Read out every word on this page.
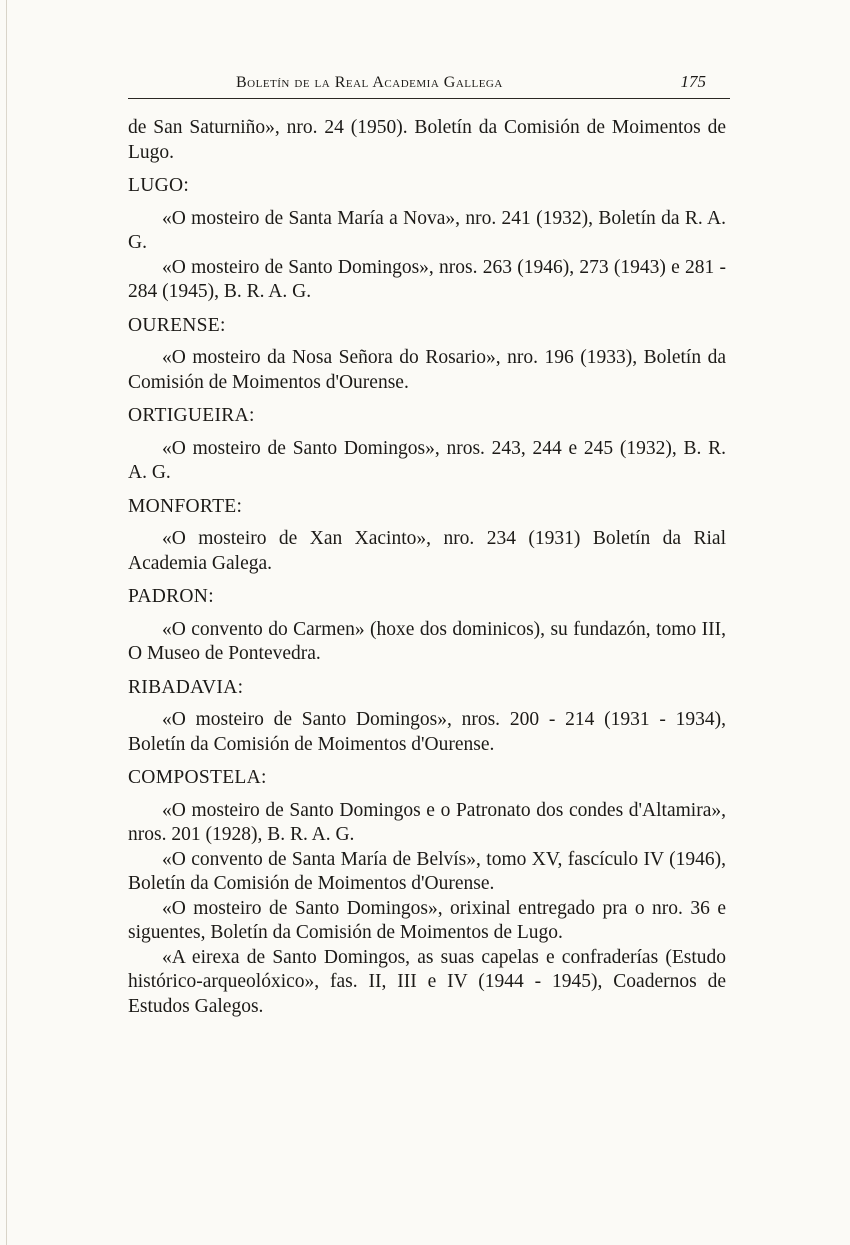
Boletín de la Real Academia Gallega	175

de San Saturniño», nro. 24 (1950). Boletín da Comisión de Moimentos de Lugo.

LUGO:

«O mosteiro de Santa María a Nova», nro. 241 (1932), Boletín da R. A. G.

«O mosteiro de Santo Domingos», nros. 263 (1946), 273 (1943) e 281 - 284 (1945), B. R. A. G.

OURENSE:

«O mosteiro da Nosa Señora do Rosario», nro. 196 (1933), Boletín da Comisión de Moimentos d'Ourense.

ORTIGUEIRA:

«O mosteiro de Santo Domingos», nros. 243, 244 e 245 (1932), B. R. A. G.

MONFORTE:

«O mosteiro de Xan Xacinto», nro. 234 (1931) Boletín da Rial Academia Galega.

PADRON:

«O convento do Carmen» (hoxe dos dominicos), su fundazón, tomo III, O Museo de Pontevedra.

RIBADAVIA:

«O mosteiro de Santo Domingos», nros. 200 - 214 (1931 - 1934), Boletín da Comisión de Moimentos d'Ourense.

COMPOSTELA:

«O mosteiro de Santo Domingos e o Patronato dos condes d'Altamira», nros. 201 (1928), B. R. A. G.

«O convento de Santa María de Belvís», tomo XV, fascículo IV (1946), Boletín da Comisión de Moimentos d'Ourense.

«O mosteiro de Santo Domingos», orixinal entregado pra o nro. 36 e siguentes, Boletín da Comisión de Moimentos de Lugo.

«A eirexa de Santo Domingos, as suas capelas e confraderías (Estudo histórico-arqueolóxico», fas. II, III e IV (1944 - 1945), Coadernos de Estudos Galegos.
